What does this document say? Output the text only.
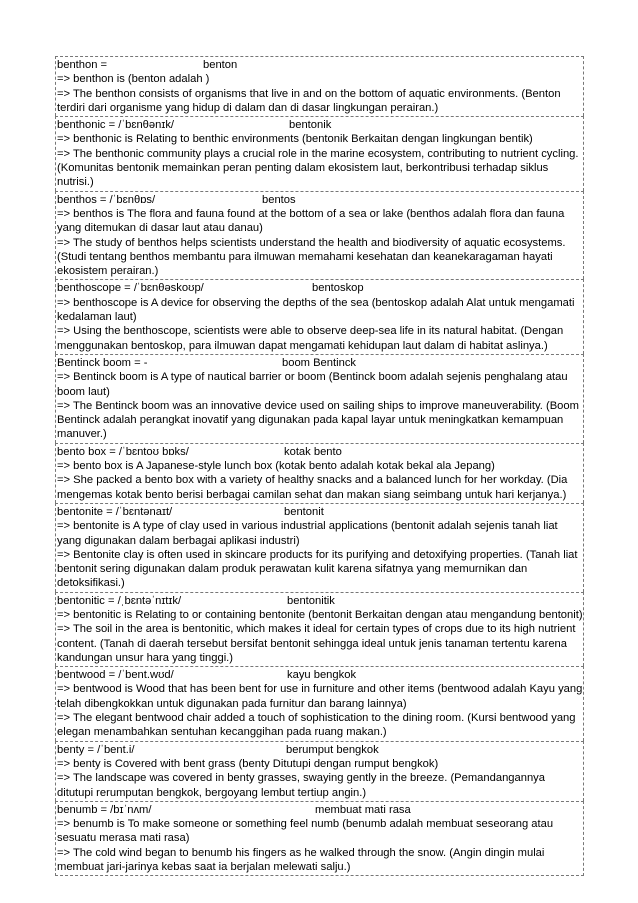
benthon =	benton
=> benthon is (benton adalah )
=> The benthon consists of organisms that live in and on the bottom of aquatic environments. (Benton terdiri dari organisme yang hidup di dalam dan di dasar lingkungan perairan.)
benthonic = /ˈbɛnθənɪk/	bentonik
=> benthonic is Relating to benthic environments (bentonik Berkaitan dengan lingkungan bentik)
=> The benthonic community plays a crucial role in the marine ecosystem, contributing to nutrient cycling. (Komunitas bentonik memainkan peran penting dalam ekosistem laut, berkontribusi terhadap siklus nutrisi.)
benthos = /ˈbɛnθɒs/	bentos
=> benthos is The flora and fauna found at the bottom of a sea or lake (benthos adalah flora dan fauna yang ditemukan di dasar laut atau danau)
=> The study of benthos helps scientists understand the health and biodiversity of aquatic ecosystems. (Studi tentang benthos membantu para ilmuwan memahami kesehatan dan keanekaragaman hayati ekosistem perairan.)
benthoscope = /ˈbɛnθəskoʊp/	bentoskop
=> benthoscope is A device for observing the depths of the sea (bentoskop adalah Alat untuk mengamati kedalaman laut)
=> Using the benthoscope, scientists were able to observe deep-sea life in its natural habitat. (Dengan menggunakan bentoskop, para ilmuwan dapat mengamati kehidupan laut dalam di habitat aslinya.)
Bentinck boom = -	boom Bentinck
=> Bentinck boom is A type of nautical barrier or boom (Bentinck boom adalah sejenis penghalang atau boom laut)
=> The Bentinck boom was an innovative device used on sailing ships to improve maneuverability. (Boom Bentinck adalah perangkat inovatif yang digunakan pada kapal layar untuk meningkatkan kemampuan manuver.)
bento box = /ˈbɛntoʊ bɒks/	kotak bento
=> bento box is A Japanese-style lunch box (kotak bento adalah kotak bekal ala Jepang)
=> She packed a bento box with a variety of healthy snacks and a balanced lunch for her workday. (Dia mengemas kotak bento berisi berbagai camilan sehat dan makan siang seimbang untuk hari kerjanya.)
bentonite = /ˈbɛntənaɪt/	bentonit
=> bentonite is A type of clay used in various industrial applications (bentonit adalah sejenis tanah liat yang digunakan dalam berbagai aplikasi industri)
=> Bentonite clay is often used in skincare products for its purifying and detoxifying properties. (Tanah liat bentonit sering digunakan dalam produk perawatan kulit karena sifatnya yang memurnikan dan detoksifikasi.)
bentonitic = /ˌbɛntəˈnɪtɪk/	bentonitik
=> bentonitic is Relating to or containing bentonite (bentonit Berkaitan dengan atau mengandung bentonit)
=> The soil in the area is bentonitic, which makes it ideal for certain types of crops due to its high nutrient content. (Tanah di daerah tersebut bersifat bentonit sehingga ideal untuk jenis tanaman tertentu karena kandungan unsur hara yang tinggi.)
bentwood = /ˈbent.wʊd/	kayu bengkok
=> bentwood is Wood that has been bent for use in furniture and other items (bentwood adalah Kayu yang telah dibengkokkan untuk digunakan pada furnitur dan barang lainnya)
=> The elegant bentwood chair added a touch of sophistication to the dining room. (Kursi bentwood yang elegan menambahkan sentuhan kecanggihan pada ruang makan.)
benty = /ˈbent.i/	berumput bengkok
=> benty is Covered with bent grass (benty Ditutupi dengan rumput bengkok)
=> The landscape was covered in benty grasses, swaying gently in the breeze. (Pemandangannya ditutupi rerumputan bengkok, bergoyang lembut tertiup angin.)
benumb = /bɪˈnʌm/	membuat mati rasa
=> benumb is To make someone or something feel numb (benumb adalah membuat seseorang atau sesuatu merasa mati rasa)
=> The cold wind began to benumb his fingers as he walked through the snow. (Angin dingin mulai membuat jari-jarinya kebas saat ia berjalan melewati salju.)
